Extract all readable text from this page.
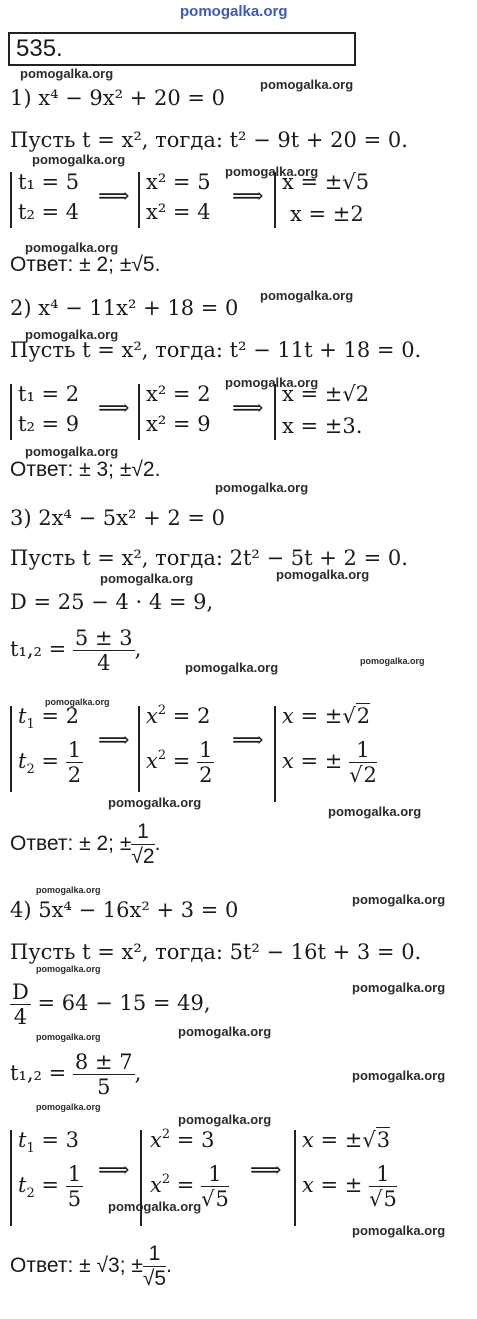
pomogalka.org
pomogalka.org
pomogalka.org
pomogalka.org
pomogalka.org
pomogalka.org
pomogalka.org
pomogalka.org
pomogalka.org
pomogalka.org
pomogalka.org
pomogalka.org	pomogalka.org
pomogalka.org	pomogalka.org
pomogalka.org
pomogalka.org
pomogalka.org
pomogalka.org
pomogalka.org
pomogalka.org
pomogalka.org
pomogalka.org	pomogalka.org
pomogalka.org
pomogalka.org
pomogalka.org
pomogalka.org
pomogalka.org
535.
1) x⁴ − 9x² + 20 = 0
Пусть t = x², тогда: t² − 9t + 20 = 0.
t₁ = 5
t₂ = 4
⟹
x² = 5
x² = 4
⟹
x = ±√5
x = ±2
Ответ: ± 2; ±√5.
2) x⁴ − 11x² + 18 = 0
Пусть t = x², тогда: t² − 11t + 18 = 0.
t₁ = 2
t₂ = 9
⟹
x² = 2
x² = 9
⟹
x = ±√2
x = ±3.
Ответ: ± 3; ±√2.
3) 2x⁴ − 5x² + 2 = 0
Пусть t = x², тогда: 2t² − 5t + 2 = 0.
D = 25 − 4 · 4 = 9,
$t_1,_2 = \frac{5 \pm 3}{4}$ ,
$t_1 = 2$
$t_2 = \frac{1}{2}$ ⟹
$x^2 = 2$
$x^2 = \frac{1}{2}$ ⟹
x = ±√2
x = ± $\frac{1}{√2}$
Ответ: ± 2; ± $\frac{1}{√2}$ .
4) 5x⁴ − 16x² + 3 = 0
Пусть t = x², тогда: 5t² − 16t + 3 = 0.
$\frac{D}{4} = 64 - 15 = 49$,
$t_1,_2 = \frac{8 \pm 7}{5}$ ,
$t_1 = 3$
$t_2 = \frac{1}{5}$ ⟹
$x^2 = 3$
$x^2 = \frac{1}{√5}$ ⟹
x = ±√3
x = ± $\frac{1}{√5}$
Ответ: ± √3; ± $\frac{1}{√5}$ .
